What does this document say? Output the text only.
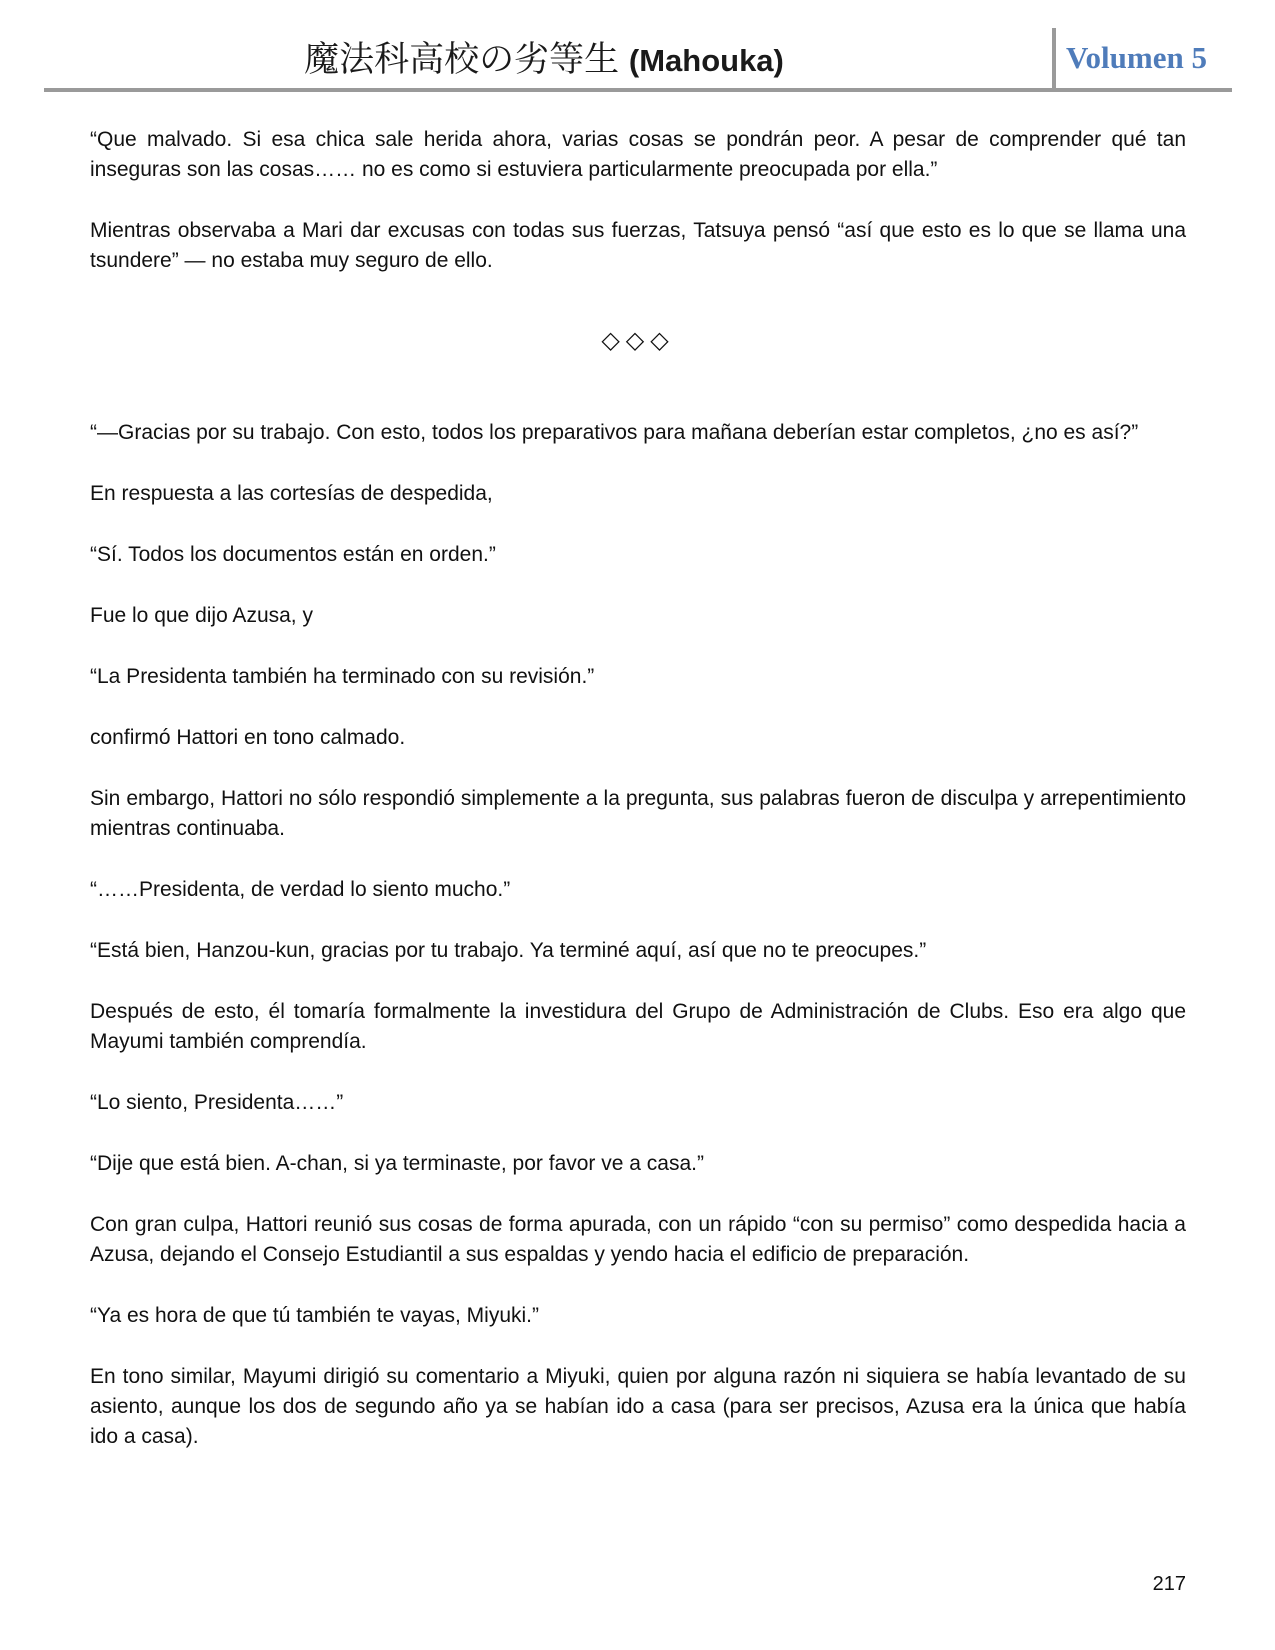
魔法科高校の劣等生 (Mahouka)	Volumen 5

“Que malvado. Si esa chica sale herida ahora, varias cosas se pondrán peor. A pesar de comprender qué tan inseguras son las cosas…… no es como si estuviera particularmente preocupada por ella.”

Mientras observaba a Mari dar excusas con todas sus fuerzas, Tatsuya pensó “así que esto es lo que se llama una tsundere” — no estaba muy seguro de ello.

◇◇◇

“—Gracias por su trabajo. Con esto, todos los preparativos para mañana deberían estar completos, ¿no es así?”

En respuesta a las cortesías de despedida,

“Sí. Todos los documentos están en orden.”

Fue lo que dijo Azusa, y

“La Presidenta también ha terminado con su revisión.”

confirmó Hattori en tono calmado.

Sin embargo, Hattori no sólo respondió simplemente a la pregunta, sus palabras fueron de disculpa y arrepentimiento mientras continuaba.

“……Presidenta, de verdad lo siento mucho.”

“Está bien, Hanzou-kun, gracias por tu trabajo. Ya terminé aquí, así que no te preocupes.”

Después de esto, él tomaría formalmente la investidura del Grupo de Administración de Clubs. Eso era algo que Mayumi también comprendía.

“Lo siento, Presidenta……”

“Dije que está bien. A-chan, si ya terminaste, por favor ve a casa.”

Con gran culpa, Hattori reunió sus cosas de forma apurada, con un rápido “con su permiso” como despedida hacia a Azusa, dejando el Consejo Estudiantil a sus espaldas y yendo hacia el edificio de preparación.

“Ya es hora de que tú también te vayas, Miyuki.”

En tono similar, Mayumi dirigió su comentario a Miyuki, quien por alguna razón ni siquiera se había levantado de su asiento, aunque los dos de segundo año ya se habían ido a casa (para ser precisos, Azusa era la única que había ido a casa).

217
